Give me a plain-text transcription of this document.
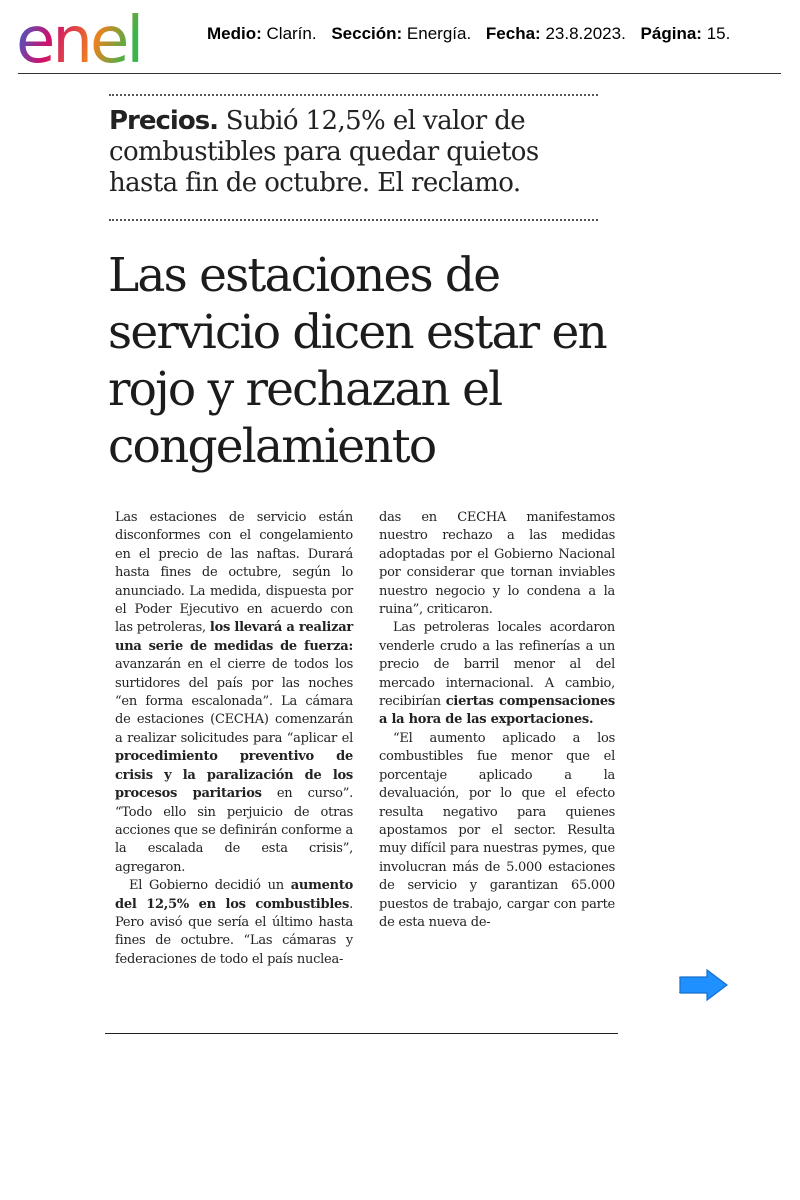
enel	Medio: Clarín. Sección: Energía. Fecha: 23.8.2023. Página: 15.
Precios. Subió 12,5% el valor de combustibles para quedar quietos hasta fin de octubre. El reclamo.
Las estaciones de servicio dicen estar en rojo y rechazan el congelamiento

Las estaciones de servicio están disconformes con el congelamiento en el precio de las naftas. Durará hasta fines de octubre, según lo anunciado. La medida, dispuesta por el Poder Ejecutivo en acuerdo con las petroleras, los llevará a realizar una serie de medidas de fuerza: avanzarán en el cierre de todos los surtidores del país por las noches “en forma escalonada”. La cámara de estaciones (CECHA) comenzarán a realizar solicitudes para “aplicar el procedimiento preventivo de crisis y la paralización de los procesos paritarios en curso”. “Todo ello sin perjuicio de otras acciones que se definirán conforme a la escalada de esta crisis”, agregaron.

El Gobierno decidió un aumento del 12,5% en los combustibles. Pero avisó que sería el último hasta fines de octubre. “Las cámaras y federaciones de todo el país nuclea-

das en CECHA manifestamos nuestro rechazo a las medidas adoptadas por el Gobierno Nacional por considerar que tornan inviables nuestro negocio y lo condena a la ruina”, criticaron.

Las petroleras locales acordaron venderle crudo a las refinerías a un precio de barril menor al del mercado internacional. A cambio, recibirían ciertas compensaciones a la hora de las exportaciones.

“El aumento aplicado a los combustibles fue menor que el porcentaje aplicado a la devaluación, por lo que el efecto resulta negativo para quienes apostamos por el sector. Resulta muy difícil para nuestras pymes, que involucran más de 5.000 estaciones de servicio y garantizan 65.000 puestos de trabajo, cargar con parte de esta nueva de-
